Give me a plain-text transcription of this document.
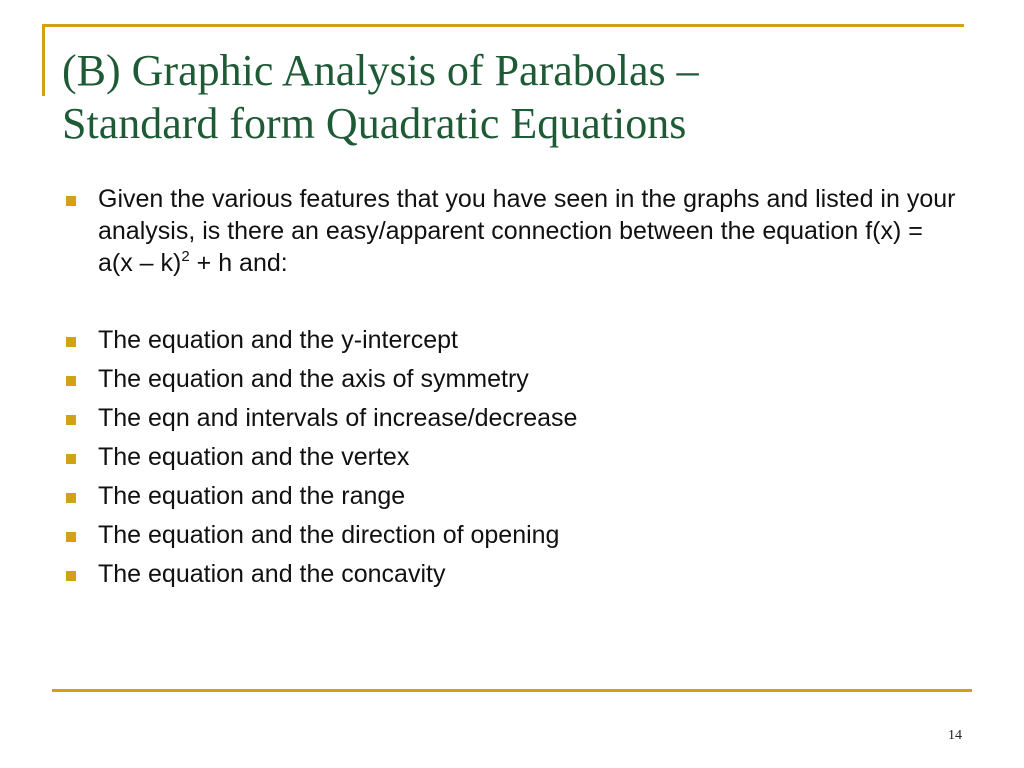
(B) Graphic Analysis of Parabolas –
Standard form Quadratic Equations
Given the various features that you have seen in the graphs and listed in your analysis, is there an easy/apparent connection between the equation f(x) = a(x – k)$^2$ + h and:
The equation and the y-intercept
The equation and the axis of symmetry
The eqn and intervals of increase/decrease
The equation and the vertex
The equation and the range
The equation and the direction of opening
The equation and the concavity
14
